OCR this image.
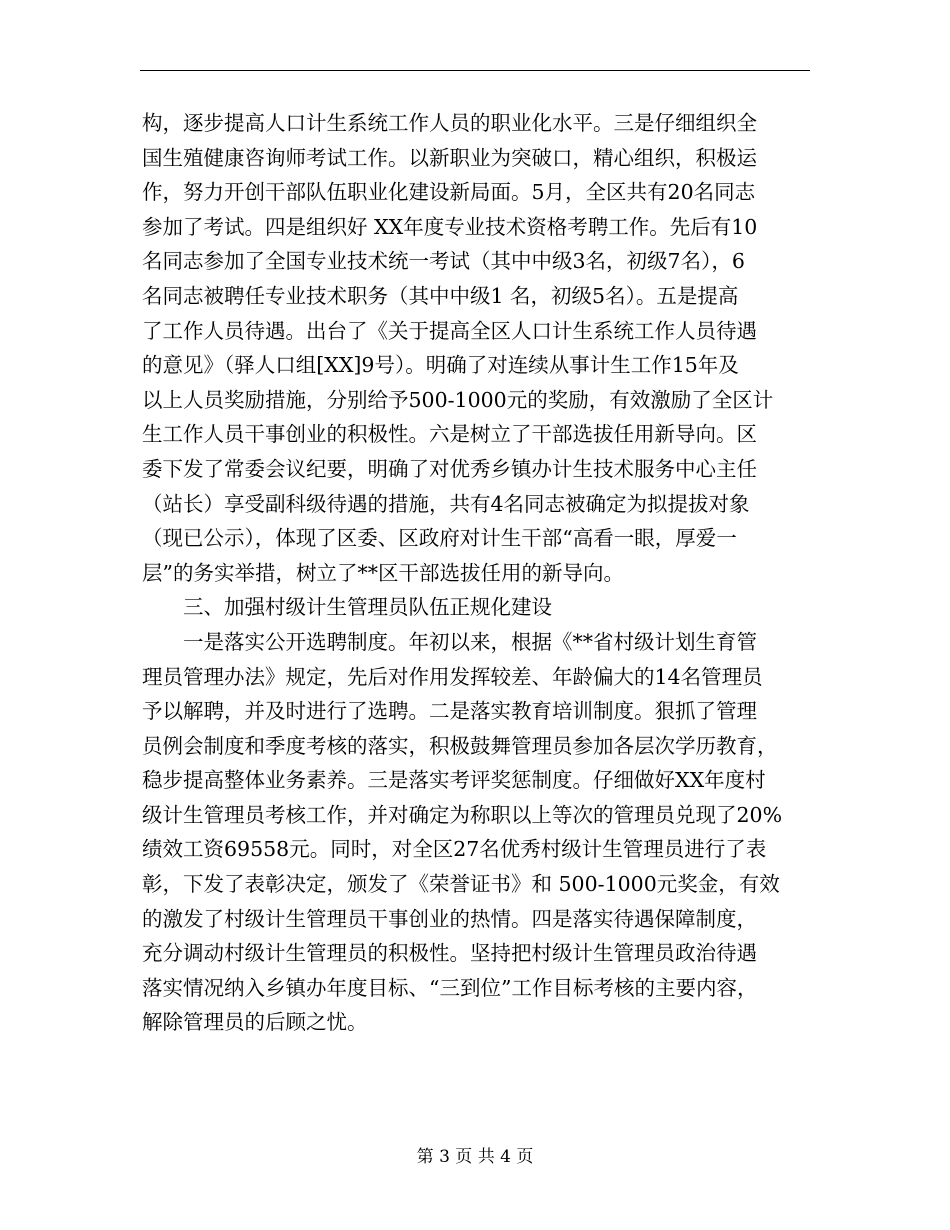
构，逐步提高人口计生系统工作人员的职业化水平。三是仔细组织全
国生殖健康咨询师考试工作。以新职业为突破口，精心组织，积极运
作，努力开创干部队伍职业化建设新局面。5月，全区共有20名同志
参加了考试。四是组织好 XX年度专业技术资格考聘工作。先后有10
名同志参加了全国专业技术统一考试（其中中级3名，初级7名），6
名同志被聘任专业技术职务（其中中级1 名，初级5名）。五是提高
了工作人员待遇。出台了《关于提高全区人口计生系统工作人员待遇
的意见》（驿人口组[XX]9号）。明确了对连续从事计生工作15年及
以上人员奖励措施，分别给予500-1000元的奖励，有效激励了全区计
生工作人员干事创业的积极性。六是树立了干部选拔任用新导向。区
委下发了常委会议纪要，明确了对优秀乡镇办计生技术服务中心主任
（站长）享受副科级待遇的措施，共有4名同志被确定为拟提拔对象
（现已公示），体现了区委、区政府对计生干部“高看一眼，厚爱一
层”的务实举措，树立了**区干部选拔任用的新导向。
　　三、加强村级计生管理员队伍正规化建设
　　一是落实公开选聘制度。年初以来，根据《**省村级计划生育管
理员管理办法》规定，先后对作用发挥较差、年龄偏大的14名管理员
予以解聘，并及时进行了选聘。二是落实教育培训制度。狠抓了管理
员例会制度和季度考核的落实，积极鼓舞管理员参加各层次学历教育，
稳步提高整体业务素养。三是落实考评奖惩制度。仔细做好XX年度村
级计生管理员考核工作，并对确定为称职以上等次的管理员兑现了20%
绩效工资69558元。同时，对全区27名优秀村级计生管理员进行了表
彰，下发了表彰决定，颁发了《荣誉证书》和 500-1000元奖金，有效
的激发了村级计生管理员干事创业的热情。四是落实待遇保障制度，
充分调动村级计生管理员的积极性。坚持把村级计生管理员政治待遇
落实情况纳入乡镇办年度目标、“三到位”工作目标考核的主要内容，
解除管理员的后顾之忧。
第 3 页 共 4 页
